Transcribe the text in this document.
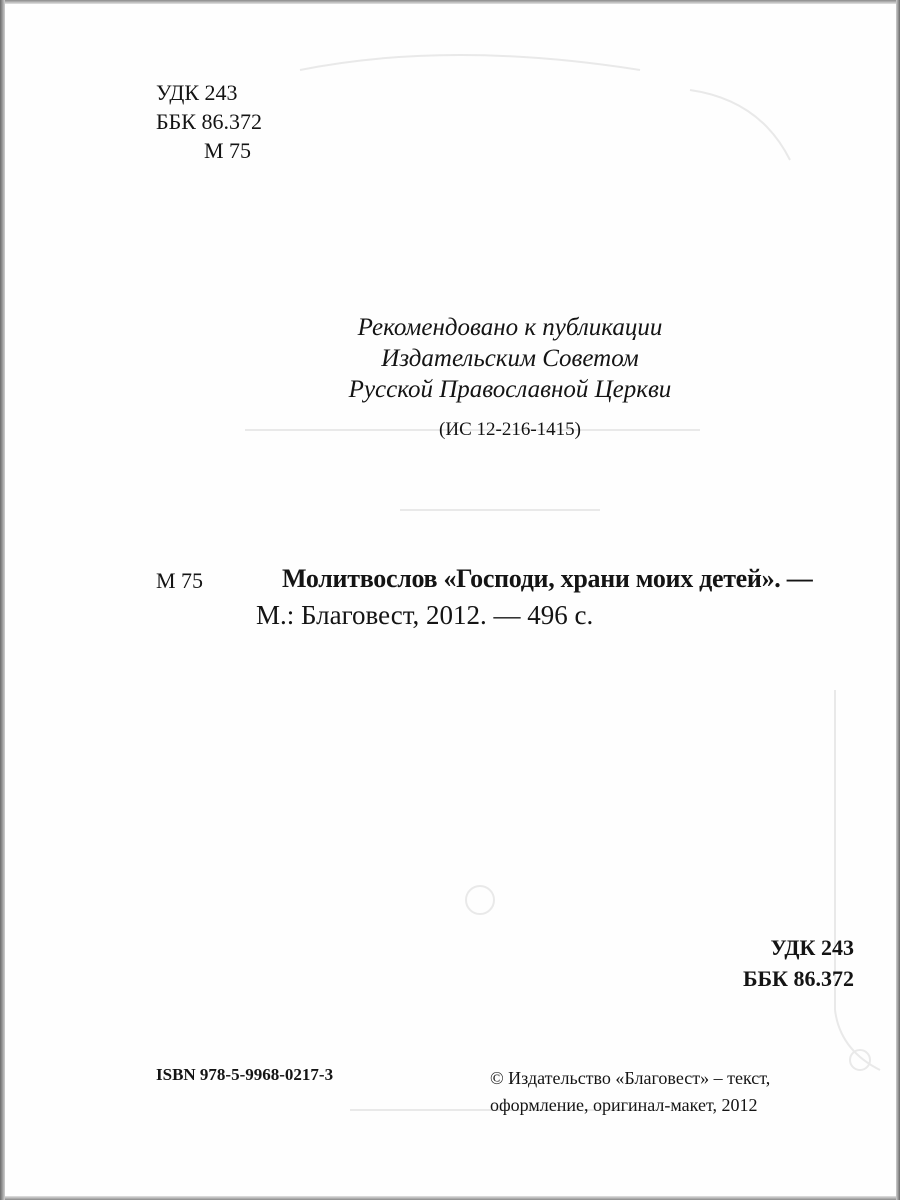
УДК 243
ББК 86.372
М 75
Рекомендовано к публикации
Издательским Советом
Русской Православной Церкви
(ИС 12-216-1415)
М 75	Молитвослов «Господи, храни моих детей». —
М.: Благовест, 2012. — 496 с.
УДК 243
ББК 86.372
ISBN 978-5-9968-0217-3	© Издательство «Благовест» – текст,
оформление, оригинал-макет, 2012
